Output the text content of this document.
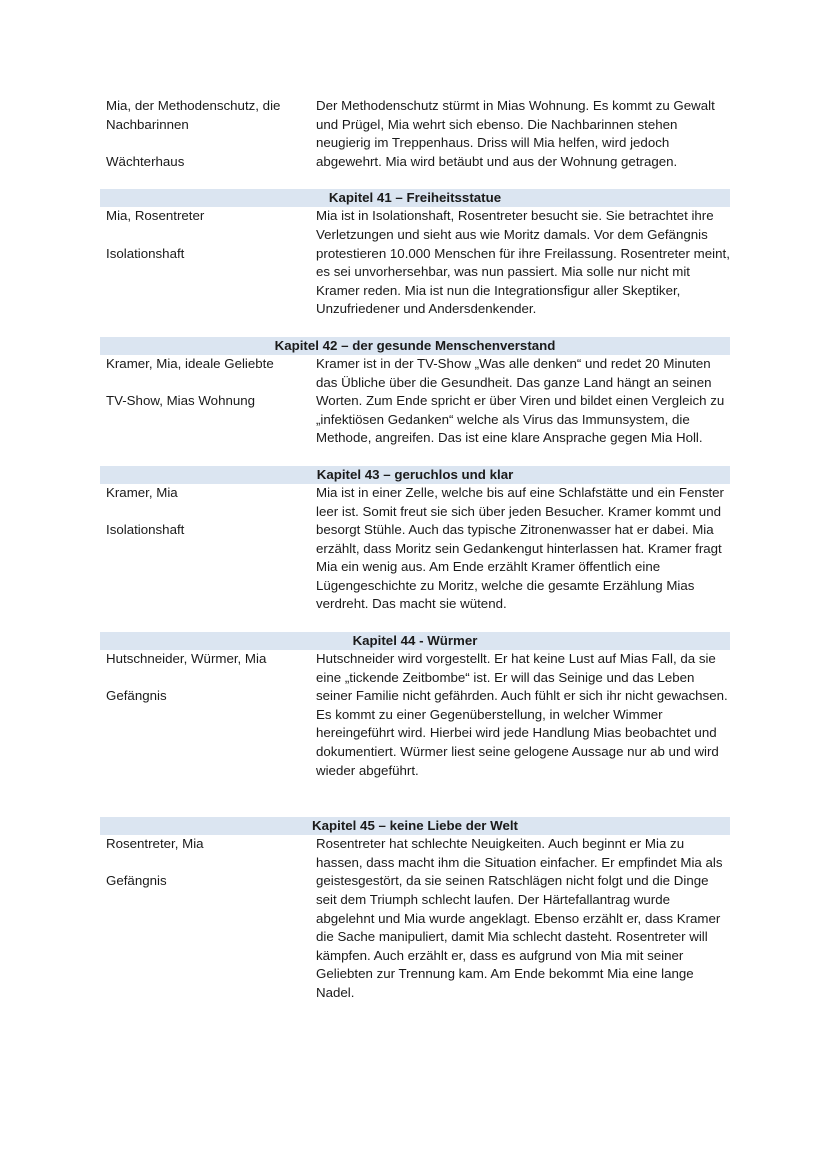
Mia, der Methodenschutz, die Nachbarinnen

Wächterhaus

Der Methodenschutz stürmt in Mias Wohnung. Es kommt zu Gewalt und Prügel, Mia wehrt sich ebenso. Die Nachbarinnen stehen neugierig im Treppenhaus. Driss will Mia helfen, wird jedoch abgewehrt. Mia wird betäubt und aus der Wohnung getragen.

Kapitel 41 – Freiheitsstatue

Mia, Rosentreter

Isolationshaft

Mia ist in Isolationshaft, Rosentreter besucht sie. Sie betrachtet ihre Verletzungen und sieht aus wie Moritz damals. Vor dem Gefängnis protestieren 10.000 Menschen für ihre Freilassung. Rosentreter meint, es sei unvorhersehbar, was nun passiert. Mia solle nur nicht mit Kramer reden. Mia ist nun die Integrationsfigur aller Skeptiker, Unzufriedener und Andersdenkender.

Kapitel 42 – der gesunde Menschenverstand

Kramer, Mia, ideale Geliebte

TV-Show, Mias Wohnung

Kramer ist in der TV-Show „Was alle denken“ und redet 20 Minuten das Übliche über die Gesundheit. Das ganze Land hängt an seinen Worten. Zum Ende spricht er über Viren und bildet einen Vergleich zu „infektiösen Gedanken“ welche als Virus das Immunsystem, die Methode, angreifen. Das ist eine klare Ansprache gegen Mia Holl.

Kapitel 43 – geruchlos und klar

Kramer, Mia

Isolationshaft

Mia ist in einer Zelle, welche bis auf eine Schlafstätte und ein Fenster leer ist. Somit freut sie sich über jeden Besucher. Kramer kommt und besorgt Stühle. Auch das typische Zitronenwasser hat er dabei. Mia erzählt, dass Moritz sein Gedankengut hinterlassen hat. Kramer fragt Mia ein wenig aus. Am Ende erzählt Kramer öffentlich eine Lügengeschichte zu Moritz, welche die gesamte Erzählung Mias verdreht. Das macht sie wütend.

Kapitel 44 - Würmer

Hutschneider, Würmer, Mia

Gefängnis

Hutschneider wird vorgestellt. Er hat keine Lust auf Mias Fall, da sie eine „tickende Zeitbombe“ ist. Er will das Seinige und das Leben seiner Familie nicht gefährden. Auch fühlt er sich ihr nicht gewachsen. Es kommt zu einer Gegenüberstellung, in welcher Wimmer hereingeführt wird. Hierbei wird jede Handlung Mias beobachtet und dokumentiert. Würmer liest seine gelogene Aussage nur ab und wird wieder abgeführt.

Kapitel 45 – keine Liebe der Welt

Rosentreter, Mia

Gefängnis

Rosentreter hat schlechte Neuigkeiten. Auch beginnt er Mia zu hassen, dass macht ihm die Situation einfacher. Er empfindet Mia als geistesgestört, da sie seinen Ratschlägen nicht folgt und die Dinge seit dem Triumph schlecht laufen. Der Härtefallantrag wurde abgelehnt und Mia wurde angeklagt. Ebenso erzählt er, dass Kramer die Sache manipuliert, damit Mia schlecht dasteht. Rosentreter will kämpfen. Auch erzählt er, dass es aufgrund von Mia mit seiner Geliebten zur Trennung kam. Am Ende bekommt Mia eine lange Nadel.
